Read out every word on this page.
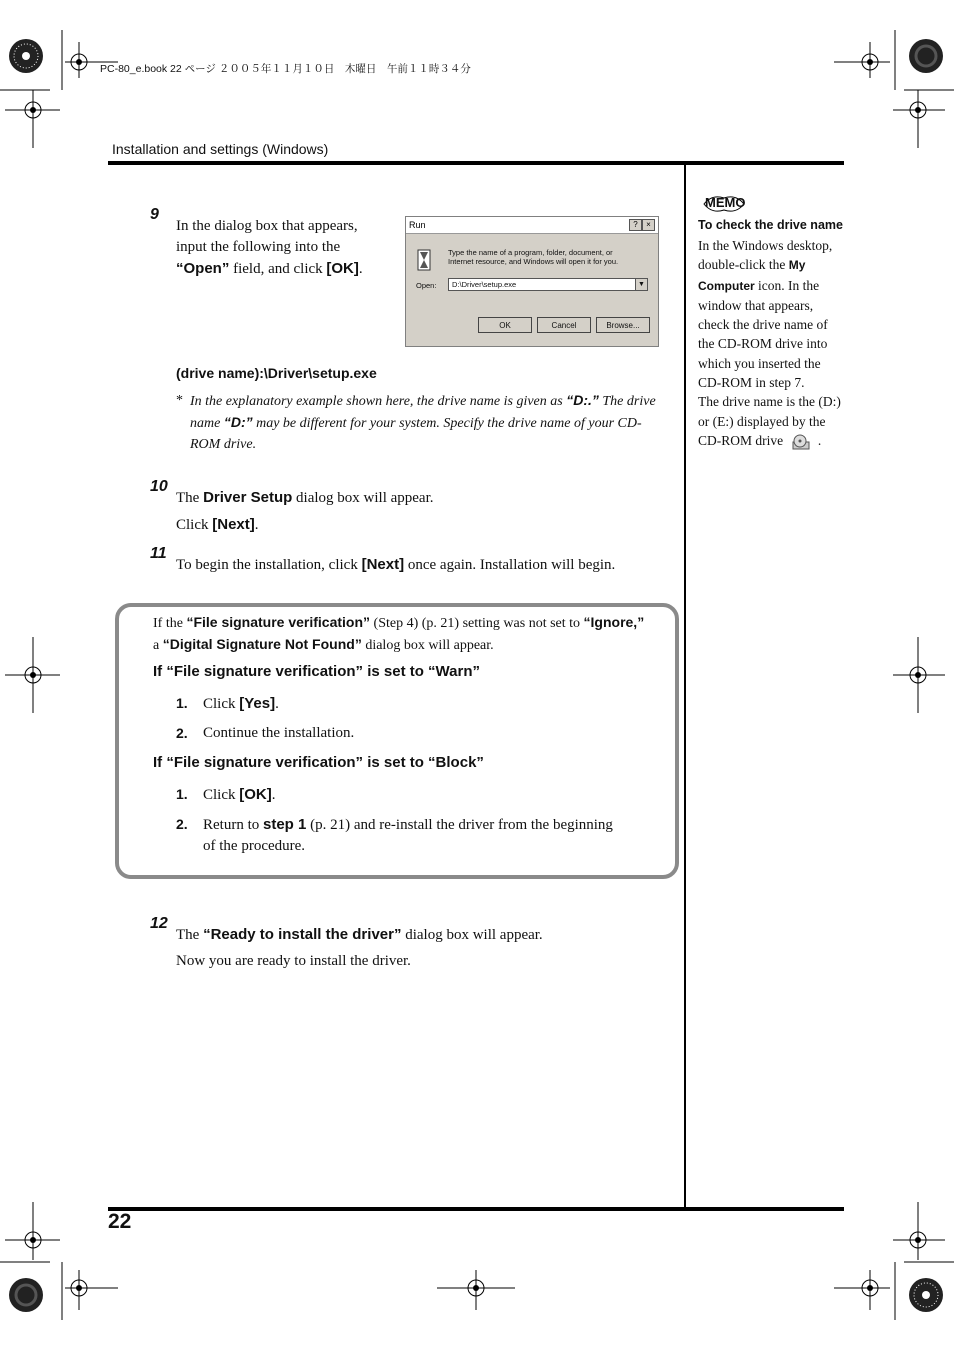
PC-80_e.book 22 ページ ２００５年１１月１０日　木曜日　午前１１時３４分
Installation and settings (Windows)
9
In the dialog box that appears,
input the following into the
“Open” field, and click [OK].
Run	?	×
Type the name of a program, folder, document, or
Internet resource, and Windows will open it for you.
Open:	D:\Driver\setup.exe	▼
OK	Cancel	Browse...
(drive name):\Driver\setup.exe
* In the explanatory example shown here, the drive name is given as “D:.” The drive
name “D:” may be different for your system. Specify the drive name of your CD-
ROM drive.
10
The Driver Setup dialog box will appear.
Click [Next].
11
To begin the installation, click [Next] once again. Installation will begin.
If the “File signature verification” (Step 4) (p. 21) setting was not set to “Ignore,”
a “Digital Signature Not Found” dialog box will appear.
If “File signature verification” is set to “Warn”
1. Click [Yes].
2. Continue the installation.
If “File signature verification” is set to “Block”
1. Click [OK].
2. Return to step 1 (p. 21) and re-install the driver from the beginning
of the procedure.
12
The “Ready to install the driver” dialog box will appear.
Now you are ready to install the driver.
MEMO
To check the drive name
In the Windows desktop,
double-click the My
Computer icon. In the
window that appears,
check the drive name of
the CD-ROM drive into
which you inserted the
CD-ROM in step 7.
The drive name is the (D:)
or (E:) displayed by the
CD-ROM drive	.
22
